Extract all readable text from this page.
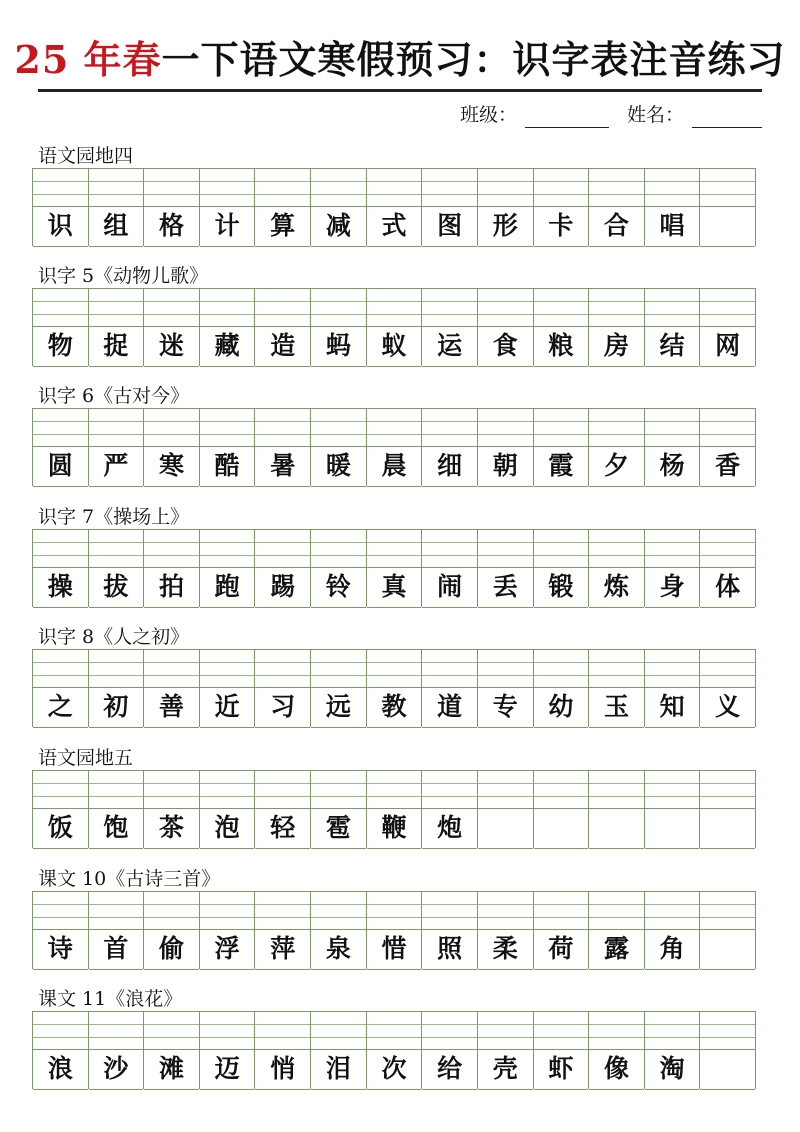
25 年春一下语文寒假预习：识字表注音练习
班级：	姓名：
语文园地四
识	组	格	计	算	减	式	图	形	卡	合	唱
识字 5《动物儿歌》
物	捉	迷	藏	造	蚂	蚁	运	食	粮	房	结	网
识字 6《古对今》
圆	严	寒	酷	暑	暖	晨	细	朝	霞	夕	杨	香
识字 7《操场上》
操	拔	拍	跑	踢	铃	真	闹	丢	锻	炼	身	体
识字 8《人之初》
之	初	善	近	习	远	教	道	专	幼	玉	知	义
语文园地五
饭	饱	茶	泡	轻	雹	鞭	炮
课文 10《古诗三首》
诗	首	偷	浮	萍	泉	惜	照	柔	荷	露	角
课文 11《浪花》
浪	沙	滩	迈	悄	泪	次	给	壳	虾	像	淘
